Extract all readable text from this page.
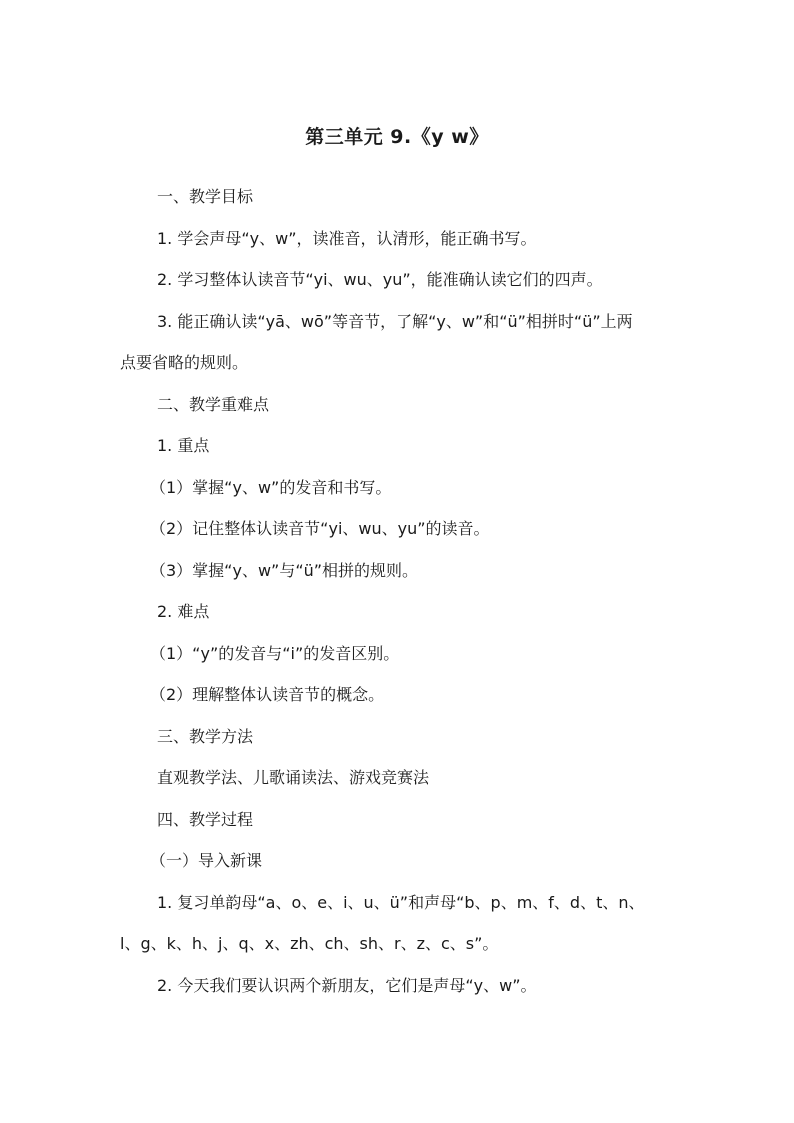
第三单元 9.《y w》
一、教学目标
1. 学会声母“y、w”，读准音，认清形，能正确书写。
2. 学习整体认读音节“yi、wu、yu”，能准确认读它们的四声。
3. 能正确认读“yā、wō”等音节，了解“y、w”和“ü”相拼时“ü”上两
点要省略的规则。
二、教学重难点
1. 重点
（1）掌握“y、w”的发音和书写。
（2）记住整体认读音节“yi、wu、yu”的读音。
（3）掌握“y、w”与“ü”相拼的规则。
2. 难点
（1）“y”的发音与“i”的发音区别。
（2）理解整体认读音节的概念。
三、教学方法
直观教学法、儿歌诵读法、游戏竞赛法
四、教学过程
（一）导入新课
1. 复习单韵母“a、o、e、i、u、ü”和声母“b、p、m、f、d、t、n、
l、g、k、h、j、q、x、zh、ch、sh、r、z、c、s”。
2. 今天我们要认识两个新朋友，它们是声母“y、w”。
